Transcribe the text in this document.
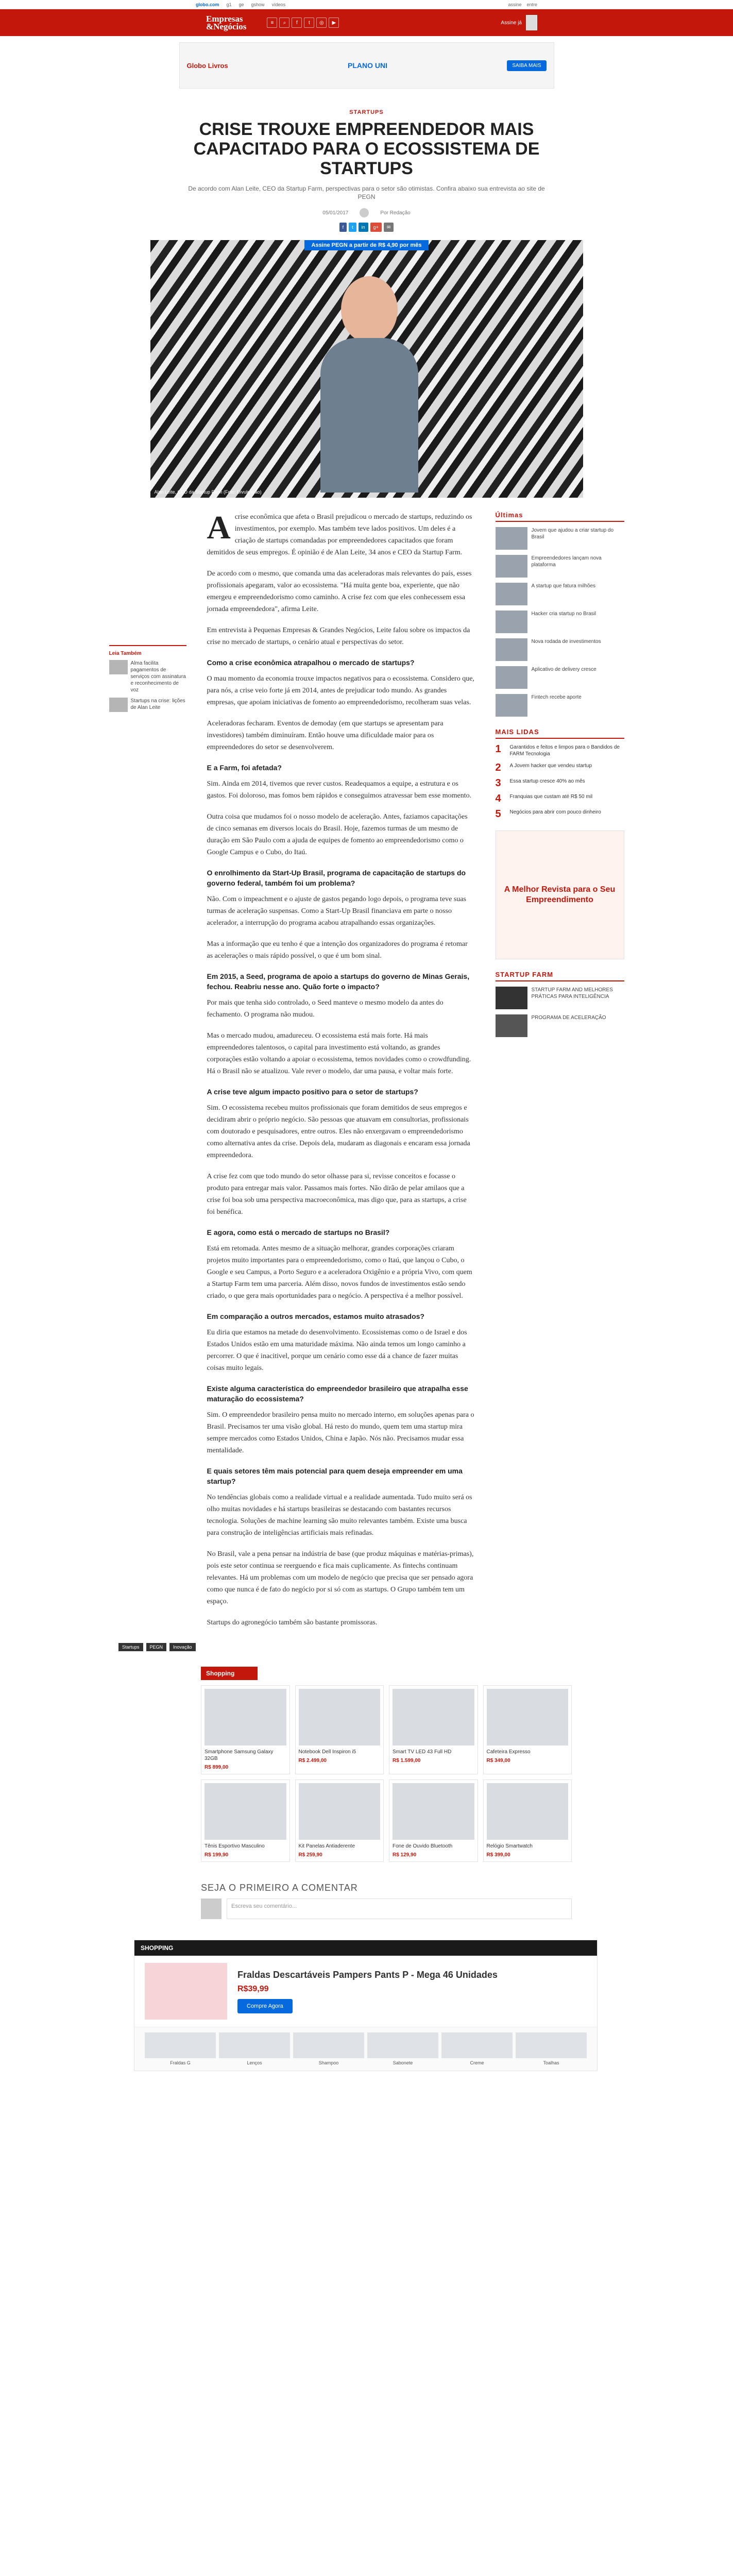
globo.com g1 ge gshow vídeos	assine entre
Empresas
&Negócios	≡	⌕	f	t	◎	▶	Assine já
Globo Livros	PLANO UNI	SAIBA MAIS
STARTUPS
CRISE TROUXE EMPREENDEDOR MAIS CAPACITADO PARA O ECOSSISTEMA DE STARTUPS
De acordo com Alan Leite, CEO da Startup Farm, perspectivas para o setor são otimistas. Confira abaixo sua entrevista ao site de PEGN
05/01/2017	Por Redação
f	t	in	g+	✉
Assine PEGN a partir de R$ 4,90 por mês
Alan Leite, CEO da Startup Farm (Foto: Divulgação)
Leia Também
Alma facilita pagamentos de serviços com assinatura e reconhecimento de voz
Startups na crise: lições de Alan Leite

Acrise econômica que afeta o Brasil prejudicou o mercado de startups, reduzindo os investimentos, por exemplo. Mas também teve lados positivos. Um deles é a criação de startups comandadas por empreendedores capacitados que foram demitidos de seus empregos. É opinião é de Alan Leite, 34 anos e CEO da Startup Farm.

De acordo com o mesmo, que comanda uma das aceleradoras mais relevantes do país, esses profissionais apegaram, valor ao ecossistema. "Há muita gente boa, experiente, que não emergeu e empreendedorismo como caminho. A crise fez com que eles conhecessem essa jornada empreendedora", afirma Leite.

Em entrevista à Pequenas Empresas & Grandes Negócios, Leite falou sobre os impactos da crise no mercado de startups, o cenário atual e perspectivas do setor.

Como a crise econômica atrapalhou o mercado de startups?

O mau momento da economia trouxe impactos negativos para o ecossistema. Considero que, para nós, a crise veio forte já em 2014, antes de prejudicar todo mundo. As grandes empresas, que apoiam iniciativas de fomento ao empreendedorismo, recolheram suas velas.

Aceleradoras fecharam. Eventos de demoday (em que startups se apresentam para investidores) também diminuíram. Então houve uma dificuldade maior para os empreendedores do setor se desenvolverem.

E a Farm, foi afetada?

Sim. Ainda em 2014, tivemos que rever custos. Readequamos a equipe, a estrutura e os gastos. Foi doloroso, mas fomos bem rápidos e conseguimos atravessar bem esse momento.

Outra coisa que mudamos foi o nosso modelo de aceleração. Antes, faziamos capacitações de cinco semanas em diversos locais do Brasil. Hoje, fazemos turmas de um mesmo de duração em São Paulo com a ajuda de equipes de fomento ao empreendedorismo como o Google Campus e o Cubo, do Itaú.

O enrolhimento da Start-Up Brasil, programa de capacitação de startups do governo federal, também foi um problema?

Não. Com o impeachment e o ajuste de gastos pegando logo depois, o programa teve suas turmas de aceleração suspensas. Como a Start-Up Brasil financiava em parte o nosso acelerador, a interrupção do programa acabou atrapalhando essas organizações.

Mas a informação que eu tenho é que a intenção dos organizadores do programa é retomar as acelerações o mais rápido possível, o que é um bom sinal.

Em 2015, a Seed, programa de apoio a startups do governo de Minas Gerais, fechou. Reabriu nesse ano. Quão forte o impacto?

Por mais que tenha sido controlado, o Seed manteve o mesmo modelo da antes do fechamento. O programa não mudou.

Mas o mercado mudou, amadureceu. O ecossistema está mais forte. Há mais empreendedores talentosos, o capital para investimento está voltando, as grandes corporações estão voltando a apoiar o ecossistema, temos novidades como o crowdfunding. Há o Brasil não se atualizou. Vale rever o modelo, dar uma pausa, e voltar mais forte.

A crise teve algum impacto positivo para o setor de startups?

Sim. O ecossistema recebeu muitos profissionais que foram demitidos de seus empregos e decidiram abrir o próprio negócio. São pessoas que atuavam em consultorias, profissionais com doutorado e pesquisadores, entre outros. Eles não enxergavam o empreendedorismo como alternativa antes da crise. Depois dela, mudaram as diagonais e encaram essa jornada empreendedora.

A crise fez com que todo mundo do setor olhasse para si, revisse conceitos e focasse o produto para entregar mais valor. Passamos mais fortes. Não dirão de pelar amilaos que a crise foi boa sob uma perspectiva macroeconômica, mas digo que, para as startups, a crise foi benéfica.

E agora, como está o mercado de startups no Brasil?

Está em retomada. Antes mesmo de a situação melhorar, grandes corporações criaram projetos muito importantes para o empreendedorismo, como o Itaú, que lançou o Cubo, o Google e seu Campus, a Porto Seguro e a aceleradora Oxigênio e a própria Vivo, com quem a Startup Farm tem uma parceria. Além disso, novos fundos de investimentos estão sendo criado, o que gera mais oportunidades para o negócio. A perspectiva é a melhor possível.

Em comparação a outros mercados, estamos muito atrasados?

Eu diria que estamos na metade do desenvolvimento. Ecossistemas como o de Israel e dos Estados Unidos estão em uma maturidade máxima. Não ainda temos um longo caminho a percorrer. O que é inacitivel, porque um cenário como esse dá a chance de fazer muitas coisas muito legais.

Existe alguma característica do empreendedor brasileiro que atrapalha esse maturação do ecossistema?

Sim. O empreendedor brasileiro pensa muito no mercado interno, em soluções apenas para o Brasil. Precisamos ter uma visão global. Há resto do mundo, quem tem uma startup mira sempre mercados como Estados Unidos, China e Japão. Nós não. Precisamos mudar essa mentalidade.

E quais setores têm mais potencial para quem deseja empreender em uma startup?

No tendências globais como a realidade virtual e a realidade aumentada. Tudo muito será os olho muitas novidades e há startups brasileiras se destacando com bastantes recursos tecnologia. Soluções de machine learning são muito relevantes também. Existe uma busca para construção de inteligências artificiais mais refinadas.

No Brasil, vale a pena pensar na indústria de base (que produz máquinas e matérias-primas), pois este setor continua se reerguendo e fica mais cuplicamente. As fintechs continuam relevantes. Há um problemas com um modelo de negócio que precisa que ser pensado agora como que nunca é de fato do negócio por si só com as startups. O Grupo também tem um espaço.

Startups do agronegócio também são bastante promissoras.

Últimas
Jovem que ajudou a criar startup do Brasil
Empreendedores lançam nova plataforma
A startup que fatura milhões
Hacker cria startup no Brasil
Nova rodada de investimentos
Aplicativo de delivery cresce
Fintech recebe aporte
MAIS LIDAS
1	Garantidos e feitos e limpos para o Bandidos de FARM Tecnologia
2	A Jovem hacker que vendeu startup
3	Essa startup cresce 40% ao mês
4	Franquias que custam até R$ 50 mil
5	Negócios para abrir com pouco dinheiro
A Melhor Revista para o Seu Empreendimento
STARTUP FARM
STARTUP FARM AND MELHORES PRÁTICAS PARA INTELIGÊNCIA
PROGRAMA DE ACELERAÇÃO
Startups	PEGN	Inovação
Shopping
Smartphone Samsung Galaxy 32GB
R$ 899,00
Notebook Dell Inspiron i5
R$ 2.499,00
Smart TV LED 43 Full HD
R$ 1.599,00
Cafeteira Expresso
R$ 349,00
Tênis Esportivo Masculino
R$ 199,90
Kit Panelas Antiaderente
R$ 259,90
Fone de Ouvido Bluetooth
R$ 129,90
Relógio Smartwatch
R$ 399,00
SEJA O PRIMEIRO A COMENTAR
Escreva seu comentário...
SHOPPING
Fraldas Descartáveis Pampers Pants P - Mega 46 Unidades
R$39,99
Compre Agora
Fraldas G	Lenços	Shampoo	Sabonete	Creme	Toalhas
